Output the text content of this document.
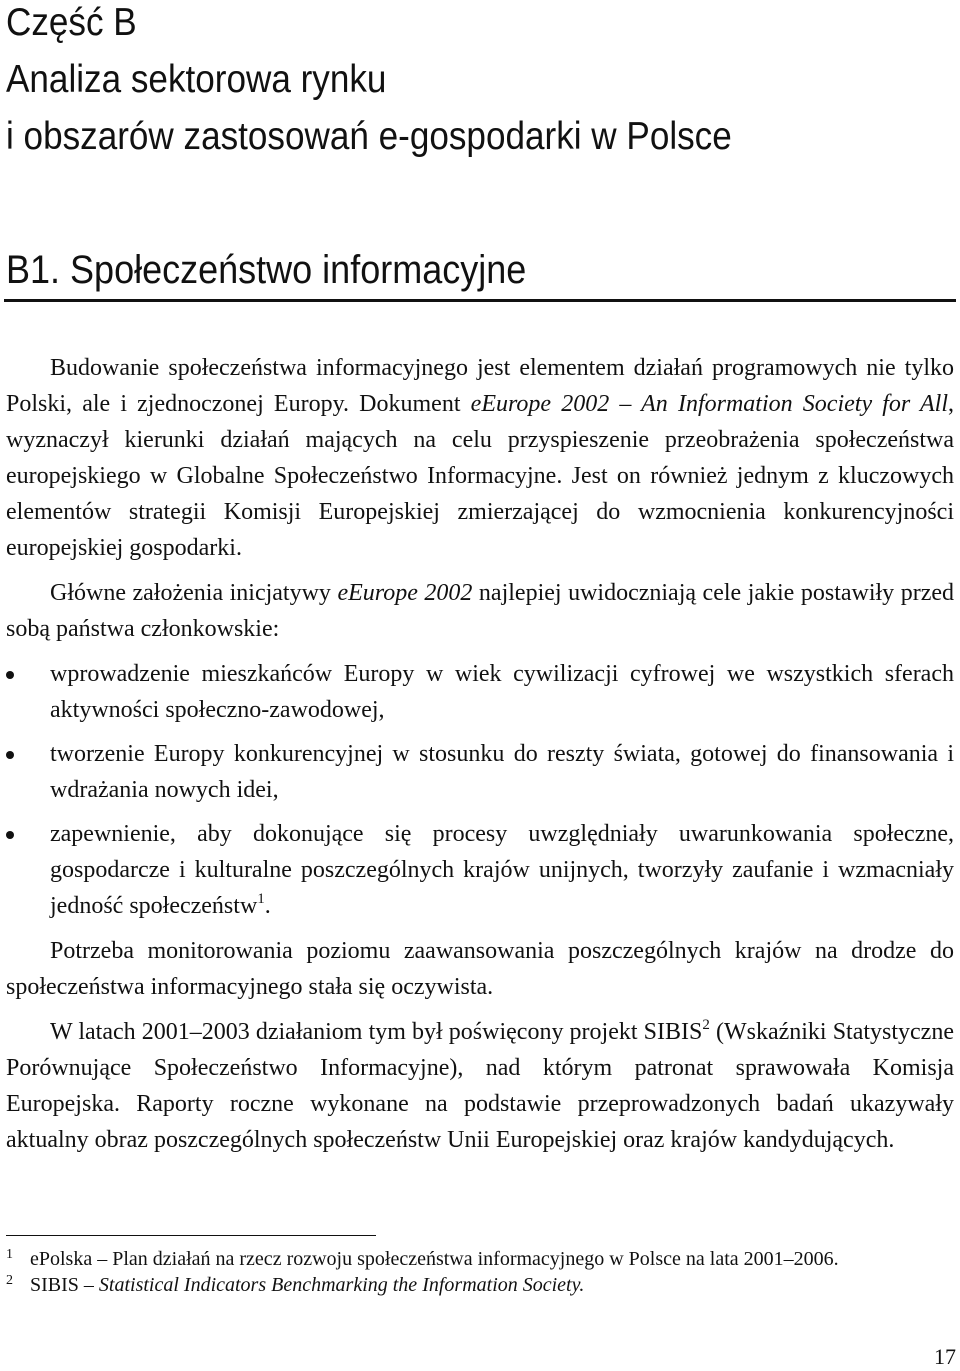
Część B
Analiza sektorowa rynku
i obszarów zastosowań e-gospodarki w Polsce
B1. Społeczeństwo informacyjne

Budowanie społeczeństwa informacyjnego jest elementem działań programowych nie tylko Polski, ale i zjednoczonej Europy. Dokument eEurope 2002 – An Information Society for All, wyznaczył kierunki działań mających na celu przyspieszenie przeobrażenia społeczeństwa europejskiego w Globalne Społeczeństwo Informacyjne. Jest on również jednym z kluczowych elementów strategii Komisji Europejskiej zmierzającej do wzmocnienia konkurencyjności europejskiej gospodarki.

Główne założenia inicjatywy eEurope 2002 najlepiej uwidoczniają cele jakie postawiły przed sobą państwa członkowskie:

wprowadzenie mieszkańców Europy w wiek cywilizacji cyfrowej we wszystkich sferach aktywności społeczno-zawodowej,
tworzenie Europy konkurencyjnej w stosunku do reszty świata, gotowej do finansowania i wdrażania nowych idei,
zapewnienie, aby dokonujące się procesy uwzględniały uwarunkowania społeczne, gospodarcze i kulturalne poszczególnych krajów unijnych, tworzyły zaufanie i wzmacniały jedność społeczeństw$^1$.

Potrzeba monitorowania poziomu zaawansowania poszczególnych krajów na drodze do społeczeństwa informacyjnego stała się oczywista.

W latach 2001–2003 działaniom tym był poświęcony projekt SIBIS$^2$ (Wskaźniki Statystyczne Porównujące Społeczeństwo Informacyjne), nad którym patronat sprawowała Komisja Europejska. Raporty roczne wykonane na podstawie przeprowadzonych badań ukazywały aktualny obraz poszczególnych społeczeństw Unii Europejskiej oraz krajów kandydujących.

1 ePolska – Plan działań na rzecz rozwoju społeczeństwa informacyjnego w Polsce na lata 2001–2006.
2 SIBIS – Statistical Indicators Benchmarking the Information Society.
17
